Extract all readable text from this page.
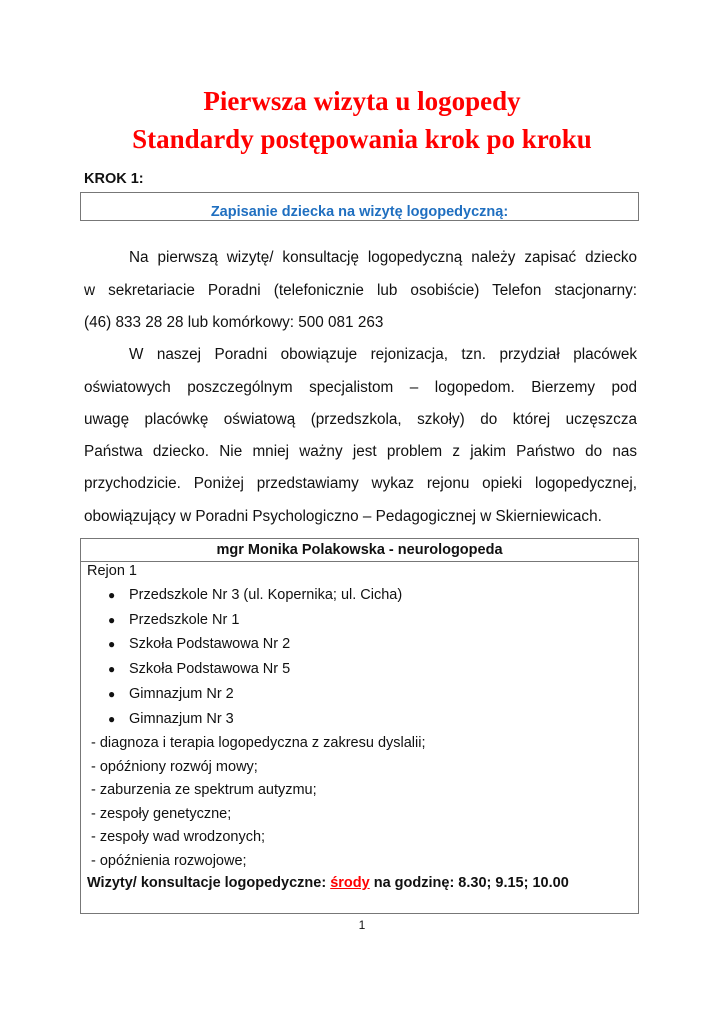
Pierwsza wizyta u logopedy
Standardy postępowania krok po kroku
KROK 1:
Zapisanie dziecka na wizytę logopedyczną:
Na pierwszą wizytę/ konsultację logopedyczną należy zapisać dziecko
w sekretariacie Poradni (telefonicznie lub osobiście) Telefon stacjonarny:
(46) 833 28 28 lub komórkowy: 500 081 263
W naszej Poradni obowiązuje rejonizacja, tzn. przydział placówek
oświatowych poszczególnym specjalistom – logopedom. Bierzemy pod
uwagę placówkę oświatową (przedszkola, szkoły) do której uczęszcza
Państwa dziecko. Nie mniej ważny jest problem z jakim Państwo do nas
przychodzicie. Poniżej przedstawiamy wykaz rejonu opieki logopedycznej,
obowiązujący w Poradni Psychologiczno – Pedagogicznej w Skierniewicach.
mgr Monika Polakowska - neurologopeda
Rejon 1
● Przedszkole Nr 3 (ul. Kopernika; ul. Cicha)
● Przedszkole Nr 1
● Szkoła Podstawowa Nr 2
● Szkoła Podstawowa Nr 5
● Gimnazjum Nr 2
● Gimnazjum Nr 3
- diagnoza i terapia logopedyczna z zakresu dyslalii;
- opóźniony rozwój mowy;
- zaburzenia ze spektrum autyzmu;
- zespoły genetyczne;
- zespoły wad wrodzonych;
- opóźnienia rozwojowe;
Wizyty/ konsultacje logopedyczne: środy na godzinę: 8.30; 9.15; 10.00
1
